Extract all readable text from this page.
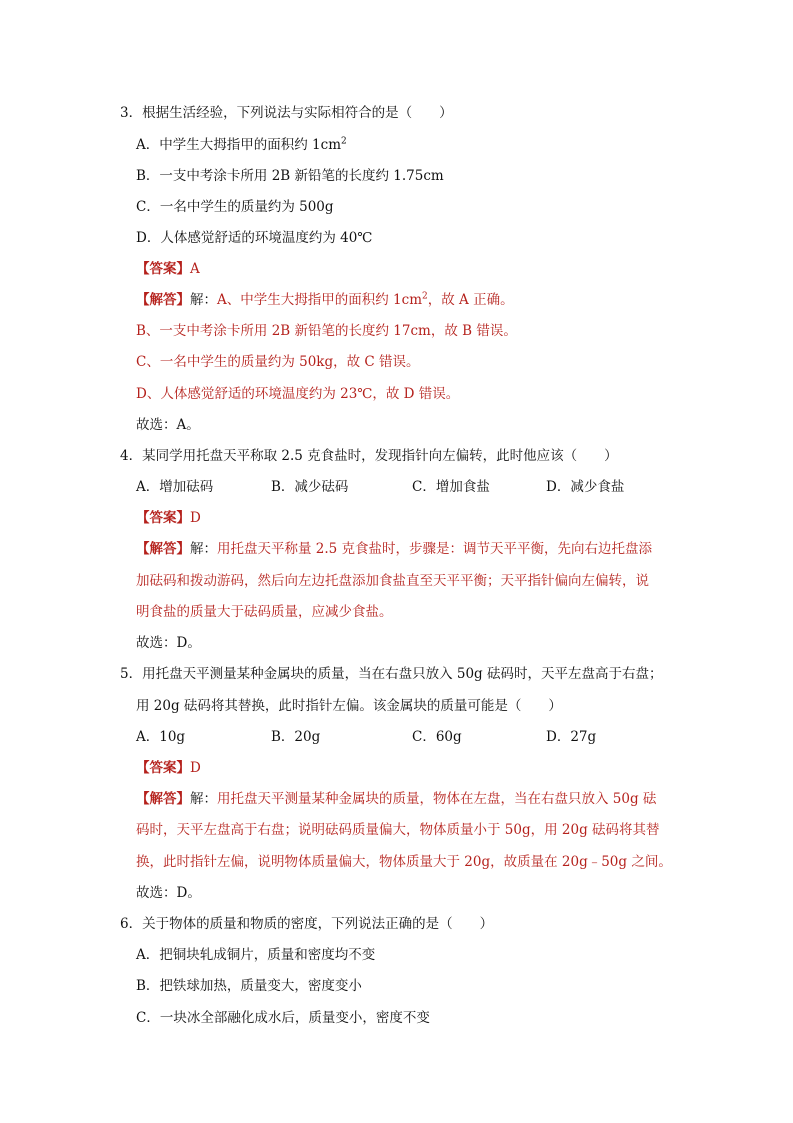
3．根据生活经验，下列说法与实际相符合的是（　　）
A．中学生大拇指甲的面积约 $1cm^2$
B．一支中考涂卡所用 2B 新铅笔的长度约 1.75cm
C．一名中学生的质量约为 500g
D．人体感觉舒适的环境温度约为 40℃
【答案】A
【解答】解：A、中学生大拇指甲的面积约 $1cm^2$，故 A 正确。
B、一支中考涂卡所用 2B 新铅笔的长度约 17cm，故 B 错误。
C、一名中学生的质量约为 50kg，故 C 错误。
D、人体感觉舒适的环境温度约为 23℃，故 D 错误。
故选：A。
4．某同学用托盘天平称取 2.5 克食盐时，发现指针向左偏转，此时他应该（　　）
A．增加砝码	B．减少砝码	C．增加食盐	D．减少食盐
【答案】D
【解答】解：用托盘天平称量 2.5 克食盐时，步骤是：调节天平平衡，先向右边托盘添
加砝码和拨动游码，然后向左边托盘添加食盐直至天平平衡；天平指针偏向左偏转，说
明食盐的质量大于砝码质量，应减少食盐。
故选：D。
5．用托盘天平测量某种金属块的质量，当在右盘只放入 50g 砝码时，天平左盘高于右盘；
用 20g 砝码将其替换，此时指针左偏。该金属块的质量可能是（　　）
A．10g	B．20g	C．60g	D．27g
【答案】D
【解答】解：用托盘天平测量某种金属块的质量，物体在左盘，当在右盘只放入 50g 砝
码时，天平左盘高于右盘；说明砝码质量偏大，物体质量小于 50g，用 20g 砝码将其替
换，此时指针左偏，说明物体质量偏大，物体质量大于 20g，故质量在 20g﹣50g 之间。
故选：D。
6．关于物体的质量和物质的密度，下列说法正确的是（　　）
A．把铜块轧成铜片，质量和密度均不变
B．把铁球加热，质量变大，密度变小
C．一块冰全部融化成水后，质量变小，密度不变
